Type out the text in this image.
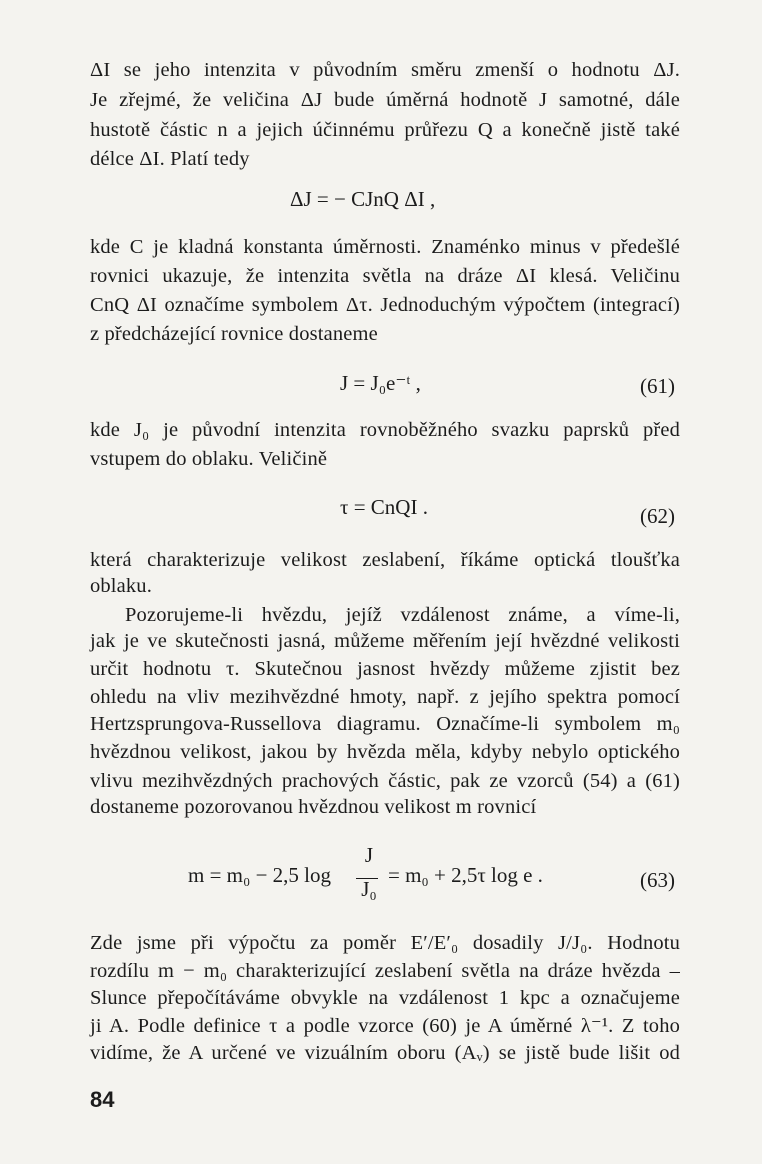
ΔI se jeho intenzita v původním směru zmenší o hodnotu ΔJ.
Je zřejmé, že veličina ΔJ bude úměrná hodnotě J samotné, dále
hustotě částic n a jejich účinnému průřezu Q a konečně jistě také
délce ΔI. Platí tedy
ΔJ = − CJnQ ΔI ,
kde C je kladná konstanta úměrnosti. Znaménko minus v předešlé
rovnici ukazuje, že intenzita světla na dráze ΔI klesá. Veličinu
CnQ ΔI označíme symbolem Δτ. Jednoduchým výpočtem (integrací)
z předcházející rovnice dostaneme
J = J₀e⁻ᵗ ,	(61)
kde J₀ je původní intenzita rovnoběžného svazku paprsků před
vstupem do oblaku. Veličině
τ = CnQI .	(62)
která charakterizuje velikost zeslabení, říkáme optická tloušťka
oblaku.
Pozorujeme-li hvězdu, jejíž vzdálenost známe, a víme-li,
jak je ve skutečnosti jasná, můžeme měřením její hvězdné velikosti
určit hodnotu τ. Skutečnou jasnost hvězdy můžeme zjistit bez
ohledu na vliv mezihvězdné hmoty, např. z jejího spektra pomocí
Hertzsprungova-Russellova diagramu. Označíme-li symbolem m₀
hvězdnou velikost, jakou by hvězda měla, kdyby nebylo optického
vlivu mezihvězdných prachových částic, pak ze vzorců (54) a (61)
dostaneme pozorovanou hvězdnou velikost m rovnicí
m = m₀ − 2,5 log
J
J₀
= m₀ + 2,5τ log e .	(63)
Zde jsme při výpočtu za poměr E′/E′₀ dosadily J/J₀. Hodnotu
rozdílu m − m₀ charakterizující zeslabení světla na dráze hvězda –
Slunce přepočítáváme obvykle na vzdálenost 1 kpc a označujeme
ji A. Podle definice τ a podle vzorce (60) je A úměrné λ⁻¹. Z toho
vidíme, že A určené ve vizuálním oboru (Aᵥ) se jistě bude lišit od
84
